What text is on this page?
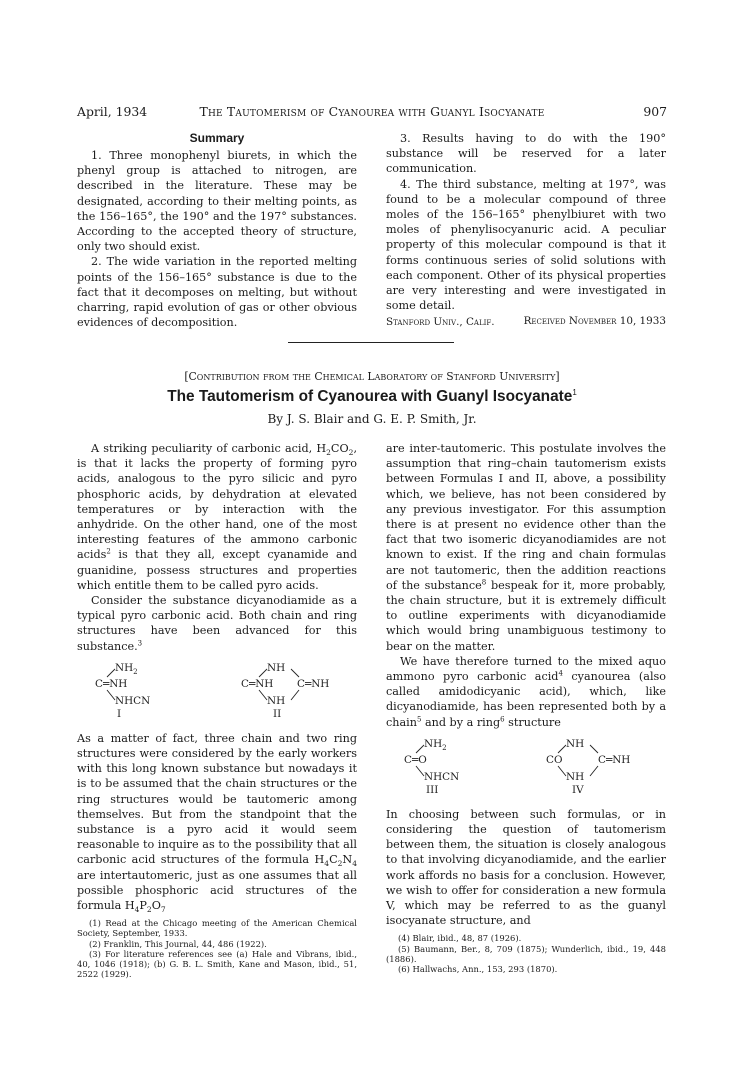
April, 1934	The Tautomerism of Cyanourea with Guanyl Isocyanate	907

Summary

1. Three monophenyl biurets, in which the phenyl group is attached to nitrogen, are described in the literature. These may be designated, according to their melting points, as the 156–165°, the 190° and the 197° substances. According to the accepted theory of structure, only two should exist.

2. The wide variation in the reported melting points of the 156–165° substance is due to the fact that it decomposes on melting, but without charring, rapid evolution of gas or other obvious evidences of decomposition.

3. Results having to do with the 190° substance will be reserved for a later communication.

4. The third substance, melting at 197°, was found to be a molecular compound of three moles of the 156–165° phenylbiuret with two moles of phenylisocyanuric acid. A peculiar property of this molecular compound is that it forms continuous series of solid solutions with each component. Other of its physical properties are very interesting and were investigated in some detail.

Stanford Univ., Calif.	Received November 10, 1933

[Contribution from the Chemical Laboratory of Stanford University]
The Tautomerism of Cyanourea with Guanyl Isocyanate$^1$
By J. S. Blair and G. E. P. Smith, Jr.

A striking peculiarity of carbonic acid, $H_2CO_2$, is that it lacks the property of forming pyro acids, analogous to the pyro silicic and pyro phosphoric acids, by dehydration at elevated temperatures or by interaction with the anhydride. On the other hand, one of the most interesting features of the ammono carbonic acids$^2$ is that they all, except cyanamide and guanidine, possess structures and properties which entitle them to be called pyro acids.

Consider the substance dicyanodiamide as a typical pyro carbonic acid. Both chain and ring structures have been advanced for this substance.$^3$

$NH_2$
C═NH
NHCN
I
NH
C═NH C═NH
NH
II

As a matter of fact, three chain and two ring structures were considered by the early workers with this long known substance but nowadays it is to be assumed that the chain structures or the ring structures would be tautomeric among themselves. But from the standpoint that the substance is a pyro acid it would seem reasonable to inquire as to the possibility that all carbonic acid structures of the formula $H_4C_2N_4$ are intertautomeric, just as one assumes that all possible phosphoric acid structures of the formula $H_4P_2O_7$

(1) Read at the Chicago meeting of the American Chemical Society, September, 1933.

(2) Franklin, This Journal, 44, 486 (1922).

(3) For literature references see (a) Hale and Vibrans, ibid., 40, 1046 (1918); (b) G. B. L. Smith, Kane and Mason, ibid., 51, 2522 (1929).

are inter-tautomeric. This postulate involves the assumption that ring–chain tautomerism exists between Formulas I and II, above, a possibility which, we believe, has not been considered by any previous investigator. For this assumption there is at present no evidence other than the fact that two isomeric dicyanodiamides are not known to exist. If the ring and chain formulas are not tautomeric, then the addition reactions of the substance$^8$ bespeak for it, more probably, the chain structure, but it is extremely difficult to outline experiments with dicyanodiamide which would bring unambiguous testimony to bear on the matter.

We have therefore turned to the mixed aquo ammono pyro carbonic acid$^4$ cyanourea (also called amidodicyanic acid), which, like dicyanodiamide, has been represented both by a chain$^5$ and by a ring$^6$ structure

$NH_2$
C═O
NHCN
III
NH
CO	C═NH
NH
IV

In choosing between such formulas, or in considering the question of tautomerism between them, the situation is closely analogous to that involving dicyanodiamide, and the earlier work affords no basis for a conclusion. However, we wish to offer for consideration a new formula V, which may be referred to as the guanyl isocyanate structure, and

(4) Blair, ibid., 48, 87 (1926).

(5) Baumann, Ber., 8, 709 (1875); Wunderlich, ibid., 19, 448 (1886).

(6) Hallwachs, Ann., 153, 293 (1870).
